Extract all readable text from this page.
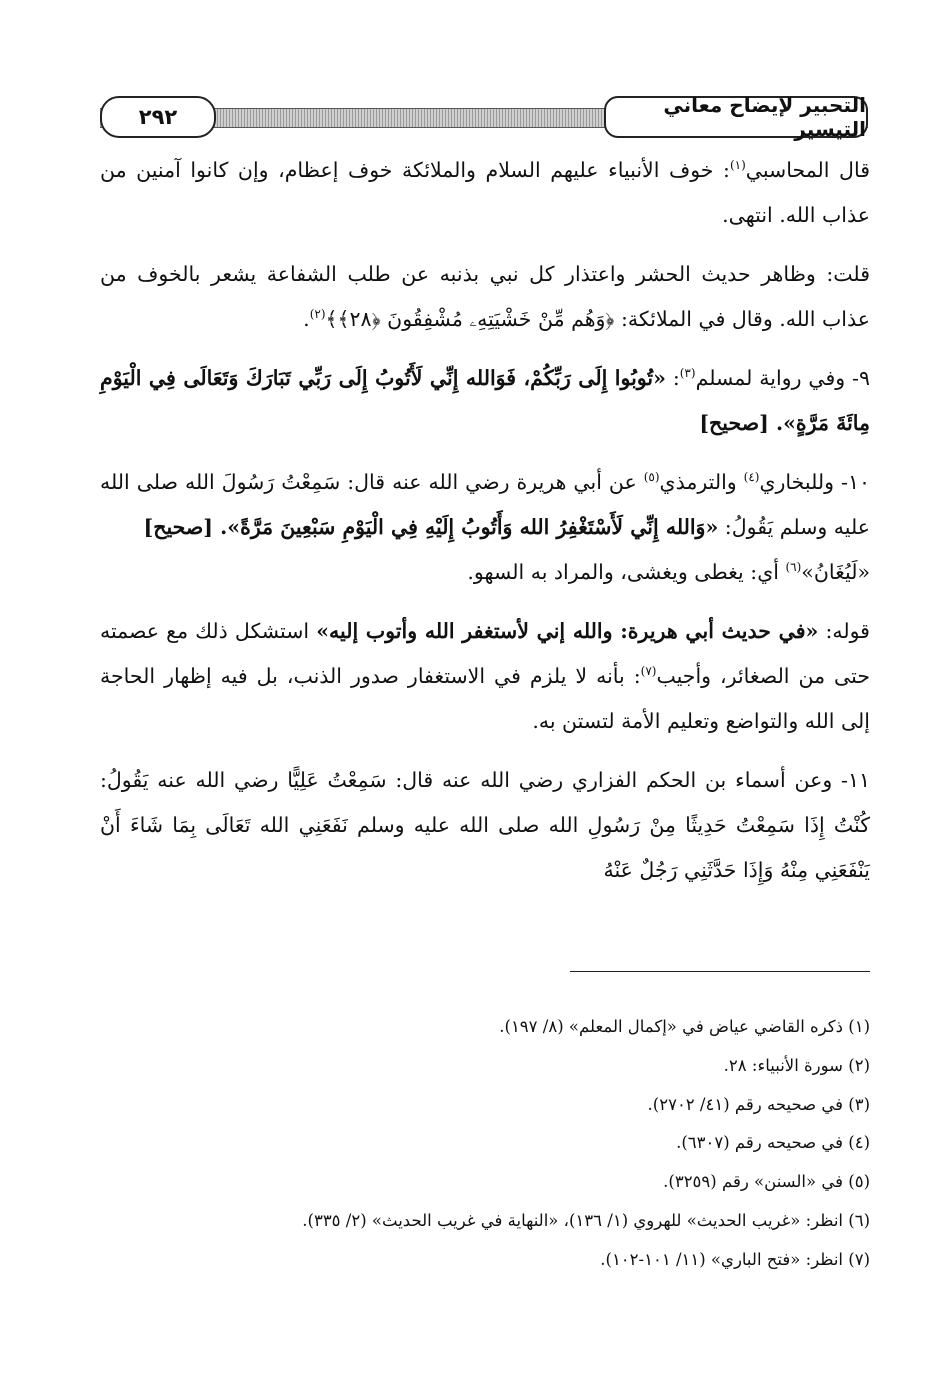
التحبير لإيضاح معاني التيسير
٢٩٢

قال المحاسبي$^{(١)}$: خوف الأنبياء عليهم السلام والملائكة خوف إعظام، وإن كانوا آمنين من عذاب الله. انتهى.

قلت: وظاهر حديث الحشر واعتذار كل نبي بذنبه عن طلب الشفاعة يشعر بالخوف من عذاب الله. وقال في الملائكة: ﴿وَهُم مِّنْ خَشْيَتِهِۦ مُشْفِقُونَ ﴿٢٨﴾﴾$^{(٢)}$.

٩- وفي رواية لمسلم$^{(٣)}$: «تُوبُوا إِلَى رَبِّكُمْ، فَوَالله إِنِّي لَأَتُوبُ إِلَى رَبِّي تَبَارَكَ وَتَعَالَى فِي الْيَوْمِ مِائَةَ مَرَّةٍ». [صحيح]

١٠- وللبخاري$^{(٤)}$ والترمذي$^{(٥)}$ عن أبي هريرة رضي الله عنه قال: سَمِعْتُ رَسُولَ الله صلى الله عليه وسلم يَقُولُ: «وَالله إِنِّي لَأَسْتَغْفِرُ الله وَأَتُوبُ إِلَيْهِ فِي الْيَوْمِ سَبْعِينَ مَرَّةً». [صحيح]

«لَيُغَانُ»$^{(٦)}$ أي: يغطى ويغشى، والمراد به السهو.

قوله: «في حديث أبي هريرة: والله إني لأستغفر الله وأتوب إليه» استشكل ذلك مع عصمته حتى من الصغائر، وأجيب$^{(٧)}$: بأنه لا يلزم في الاستغفار صدور الذنب، بل فيه إظهار الحاجة إلى الله والتواضع وتعليم الأمة لتستن به.

١١- وعن أسماء بن الحكم الفزاري رضي الله عنه قال: سَمِعْتُ عَلِيًّا رضي الله عنه يَقُولُ: كُنْتُ إِذَا سَمِعْتُ حَدِيثًا مِنْ رَسُولِ الله صلى الله عليه وسلم نَفَعَنِي الله تَعَالَى بِمَا شَاءَ أَنْ يَنْفَعَنِي مِنْهُ وَإِذَا حَدَّثَنِي رَجُلٌ عَنْهُ

(١) ذكره القاضي عياض في «إكمال المعلم» (٨/ ١٩٧).

(٢) سورة الأنبياء: ٢٨.

(٣) في صحيحه رقم (٤١/ ٢٧٠٢).

(٤) في صحيحه رقم (٦٣٠٧).

(٥) في «السنن» رقم (٣٢٥٩).

(٦) انظر: «غريب الحديث» للهروي (١/ ١٣٦)، «النهاية في غريب الحديث» (٢/ ٣٣٥).

(٧) انظر: «فتح الباري» (١١/ ١٠١-١٠٢).
